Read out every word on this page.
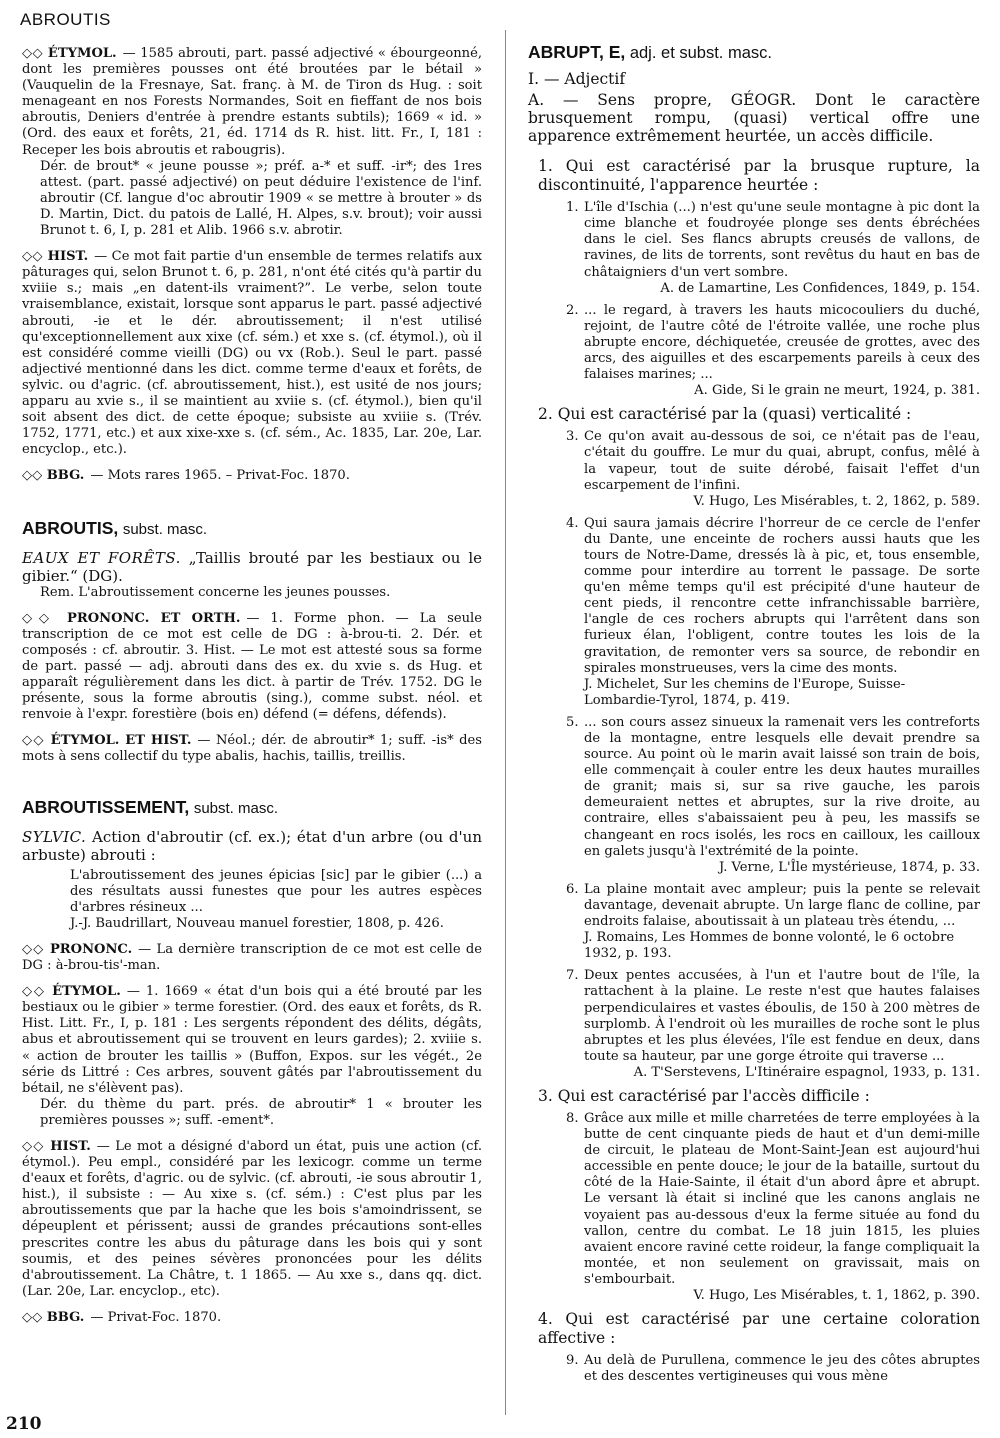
ABROUTIS

◇◇ ÉTYMOL. — 1585 abrouti, part. passé adjectivé « ébourgeonné, dont les premières pousses ont été broutées par le bétail » (Vauquelin de la Fresnaye, Sat. franç. à M. de Tiron ds Hug. : soit menageant en nos Forests Normandes, Soit en fieffant de nos bois abroutis, Deniers d'entrée à prendre estants subtils); 1669 « id. » (Ord. des eaux et forêts, 21, éd. 1714 ds R. hist. litt. Fr., I, 181 : Receper les bois abroutis et rabougris).

Dér. de brout* « jeune pousse »; préf. a-* et suff. -ir*; des 1res attest. (part. passé adjectivé) on peut déduire l'existence de l'inf. abroutir (Cf. langue d'oc abroutir 1909 « se mettre à brouter » ds D. Martin, Dict. du patois de Lallé, H. Alpes, s.v. brout); voir aussi Brunot t. 6, I, p. 281 et Alib. 1966 s.v. abrotir.

◇◇ HIST. — Ce mot fait partie d'un ensemble de termes relatifs aux pâturages qui, selon Brunot t. 6, p. 281, n'ont été cités qu'à partir du xviiie s.; mais „en datent-ils vraiment?”. Le verbe, selon toute vraisemblance, existait, lorsque sont apparus le part. passé adjectivé abrouti, -ie et le dér. abroutissement; il n'est utilisé qu'exceptionnellement aux xixe (cf. sém.) et xxe s. (cf. étymol.), où il est considéré comme vieilli (DG) ou vx (Rob.). Seul le part. passé adjectivé mentionné dans les dict. comme terme d'eaux et forêts, de sylvic. ou d'agric. (cf. abroutissement, hist.), est usité de nos jours; apparu au xvie s., il se maintient au xviie s. (cf. étymol.), bien qu'il soit absent des dict. de cette époque; subsiste au xviiie s. (Trév. 1752, 1771, etc.) et aux xixe-xxe s. (cf. sém., Ac. 1835, Lar. 20e, Lar. encyclop., etc.).

◇◇ BBG. — Mots rares 1965. – Privat-Foc. 1870.

ABROUTIS, subst. masc.

EAUX ET FORÊTS. „Taillis brouté par les bestiaux ou le gibier.“ (DG).

Rem. L'abroutissement concerne les jeunes pousses.

◇◇ PRONONC. ET ORTH. — 1. Forme phon. — La seule transcription de ce mot est celle de DG : à-brou-ti. 2. Dér. et composés : cf. abroutir. 3. Hist. — Le mot est attesté sous sa forme de part. passé — adj. abrouti dans des ex. du xvie s. ds Hug. et apparaît régulièrement dans les dict. à partir de Trév. 1752. DG le présente, sous la forme abroutis (sing.), comme subst. néol. et renvoie à l'expr. forestière (bois en) défend (= défens, défends).

◇◇ ÉTYMOL. ET HIST. — Néol.; dér. de abroutir* 1; suff. -is* des mots à sens collectif du type abalis, hachis, taillis, treillis.

ABROUTISSEMENT, subst. masc.

SYLVIC. Action d'abroutir (cf. ex.); état d'un arbre (ou d'un arbuste) abrouti :

L'abroutissement des jeunes épicias [sic] par le gibier (...) a des résultats aussi funestes que pour les autres espèces d'arbres résineux ...

J.-J. Baudrillart, Nouveau manuel forestier, 1808, p. 426.

◇◇ PRONONC. — La dernière transcription de ce mot est celle de DG : à-brou-tis'-man.

◇◇ ÉTYMOL. — 1. 1669 « état d'un bois qui a été brouté par les bestiaux ou le gibier » terme forestier. (Ord. des eaux et forêts, ds R. Hist. Litt. Fr., I, p. 181 : Les sergents répondent des délits, dégâts, abus et abroutissement qui se trouvent en leurs gardes); 2. xviiie s. « action de brouter les taillis » (Buffon, Expos. sur les végét., 2e série ds Littré : Ces arbres, souvent gâtés par l'abroutissement du bétail, ne s'élèvent pas).

Dér. du thème du part. prés. de abroutir* 1 « brouter les premières pousses »; suff. -ement*.

◇◇ HIST. — Le mot a désigné d'abord un état, puis une action (cf. étymol.). Peu empl., considéré par les lexicogr. comme un terme d'eaux et forêts, d'agric. ou de sylvic. (cf. abrouti, -ie sous abroutir 1, hist.), il subsiste : — Au xixe s. (cf. sém.) : C'est plus par les abroutissements que par la hache que les bois s'amoindrissent, se dépeuplent et périssent; aussi de grandes précautions sont-elles prescrites contre les abus du pâturage dans les bois qui y sont soumis, et des peines sévères prononcées pour les délits d'abroutissement. La Châtre, t. 1 1865. — Au xxe s., dans qq. dict. (Lar. 20e, Lar. encyclop., etc).

◇◇ BBG. — Privat-Foc. 1870.

ABRUPT, E, adj. et subst. masc.

I. — Adjectif

A. — Sens propre, GÉOGR. Dont le caractère brusquement rompu, (quasi) vertical offre une apparence extrêmement heurtée, un accès difficile.

1. Qui est caractérisé par la brusque rupture, la discontinuité, l'apparence heurtée :

1. L'île d'Ischia (...) n'est qu'une seule montagne à pic dont la cime blanche et foudroyée plonge ses dents ébréchées dans le ciel. Ses flancs abrupts creusés de vallons, de ravines, de lits de torrents, sont revêtus du haut en bas de châtaigniers d'un vert sombre.

A. de Lamartine, Les Confidences, 1849, p. 154.

2. ... le regard, à travers les hauts micocouliers du duché, rejoint, de l'autre côté de l'étroite vallée, une roche plus abrupte encore, déchiquetée, creusée de grottes, avec des arcs, des aiguilles et des escarpements pareils à ceux des falaises marines; ...

A. Gide, Si le grain ne meurt, 1924, p. 381.

2. Qui est caractérisé par la (quasi) verticalité :

3. Ce qu'on avait au-dessous de soi, ce n'était pas de l'eau, c'était du gouffre. Le mur du quai, abrupt, confus, mêlé à la vapeur, tout de suite dérobé, faisait l'effet d'un escarpement de l'infini.

V. Hugo, Les Misérables, t. 2, 1862, p. 589.

4. Qui saura jamais décrire l'horreur de ce cercle de l'enfer du Dante, une enceinte de rochers aussi hauts que les tours de Notre-Dame, dressés là à pic, et, tous ensemble, comme pour interdire au torrent le passage. De sorte qu'en même temps qu'il est précipité d'une hauteur de cent pieds, il rencontre cette infranchissable barrière, l'angle de ces rochers abrupts qui l'arrêtent dans son furieux élan, l'obligent, contre toutes les lois de la gravitation, de remonter vers sa source, de rebondir en spirales monstrueuses, vers la cime des monts.

J. Michelet, Sur les chemins de l'Europe, Suisse-Lombardie-Tyrol, 1874, p. 419.

5. ... son cours assez sinueux la ramenait vers les contreforts de la montagne, entre lesquels elle devait prendre sa source. Au point où le marin avait laissé son train de bois, elle commençait à couler entre les deux hautes murailles de granit; mais si, sur sa rive gauche, les parois demeuraient nettes et abruptes, sur la rive droite, au contraire, elles s'abaissaient peu à peu, les massifs se changeant en rocs isolés, les rocs en cailloux, les cailloux en galets jusqu'à l'extrémité de la pointe.

J. Verne, L'Île mystérieuse, 1874, p. 33.

6. La plaine montait avec ampleur; puis la pente se relevait davantage, devenait abrupte. Un large flanc de colline, par endroits falaise, aboutissait à un plateau très étendu, ...

J. Romains, Les Hommes de bonne volonté, le 6 octobre 1932, p. 193.

7. Deux pentes accusées, à l'un et l'autre bout de l'île, la rattachent à la plaine. Le reste n'est que hautes falaises perpendiculaires et vastes éboulis, de 150 à 200 mètres de surplomb. À l'endroit où les murailles de roche sont le plus abruptes et les plus élevées, l'île est fendue en deux, dans toute sa hauteur, par une gorge étroite qui traverse ...

A. T'Serstevens, L'Itinéraire espagnol, 1933, p. 131.

3. Qui est caractérisé par l'accès difficile :

8. Grâce aux mille et mille charretées de terre employées à la butte de cent cinquante pieds de haut et d'un demi-mille de circuit, le plateau de Mont-Saint-Jean est aujourd'hui accessible en pente douce; le jour de la bataille, surtout du côté de la Haie-Sainte, il était d'un abord âpre et abrupt. Le versant là était si incliné que les canons anglais ne voyaient pas au-dessous d'eux la ferme située au fond du vallon, centre du combat. Le 18 juin 1815, les pluies avaient encore raviné cette roideur, la fange compliquait la montée, et non seulement on gravissait, mais on s'embourbait.

V. Hugo, Les Misérables, t. 1, 1862, p. 390.

4. Qui est caractérisé par une certaine coloration affective :

9. Au delà de Purullena, commence le jeu des côtes abruptes et des descentes vertigineuses qui vous mène

210
